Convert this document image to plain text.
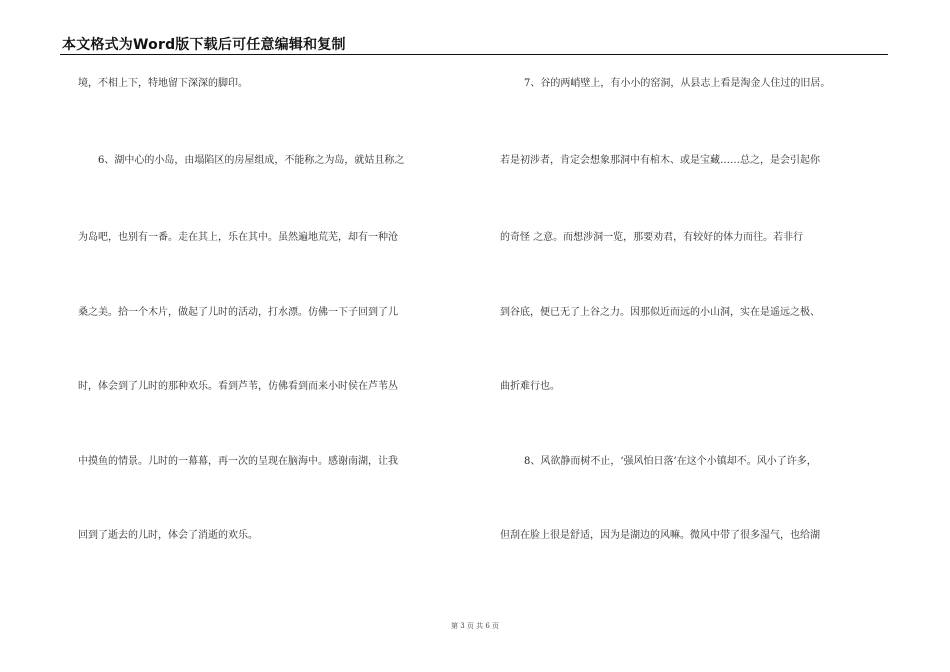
本文格式为Word版下载后可任意编辑和复制
境，不相上下，特地留下深深的脚印。
6、湖中心的小岛，由塌陷区的房屋组成，不能称之为岛，就姑且称之
为岛吧，也别有一番。走在其上，乐在其中。虽然遍地荒芜，却有一种沧
桑之美。拾一个木片，做起了儿时的活动，打水漂。仿佛一下子回到了儿
时，体会到了儿时的那种欢乐。看到芦苇，仿佛看到而来小时侯在芦苇丛
中摸鱼的情景。儿时的一幕幕，再一次的呈现在脑海中。感谢南湖，让我
回到了逝去的儿时，体会了消逝的欢乐。
7、谷的两峭壁上，有小小的窑洞，从县志上看是淘金人住过的旧居。
若是初涉者，肯定会想象那洞中有棺木、或是宝藏……总之，是会引起你
的奇怪 之意。而想涉洞一览，那要劝君，有较好的体力而往。若非行
到谷底，便已无了上谷之力。因那似近而远的小山洞，实在是遥远之极、
曲折难行也。
8、风欲静而树不止，‘强风怕日落’在这个小镇却不。风小了许多，
但刮在脸上很是舒适，因为是湖边的风嘛。微风中带了很多湿气，也给湖
第 3 页 共 6 页
